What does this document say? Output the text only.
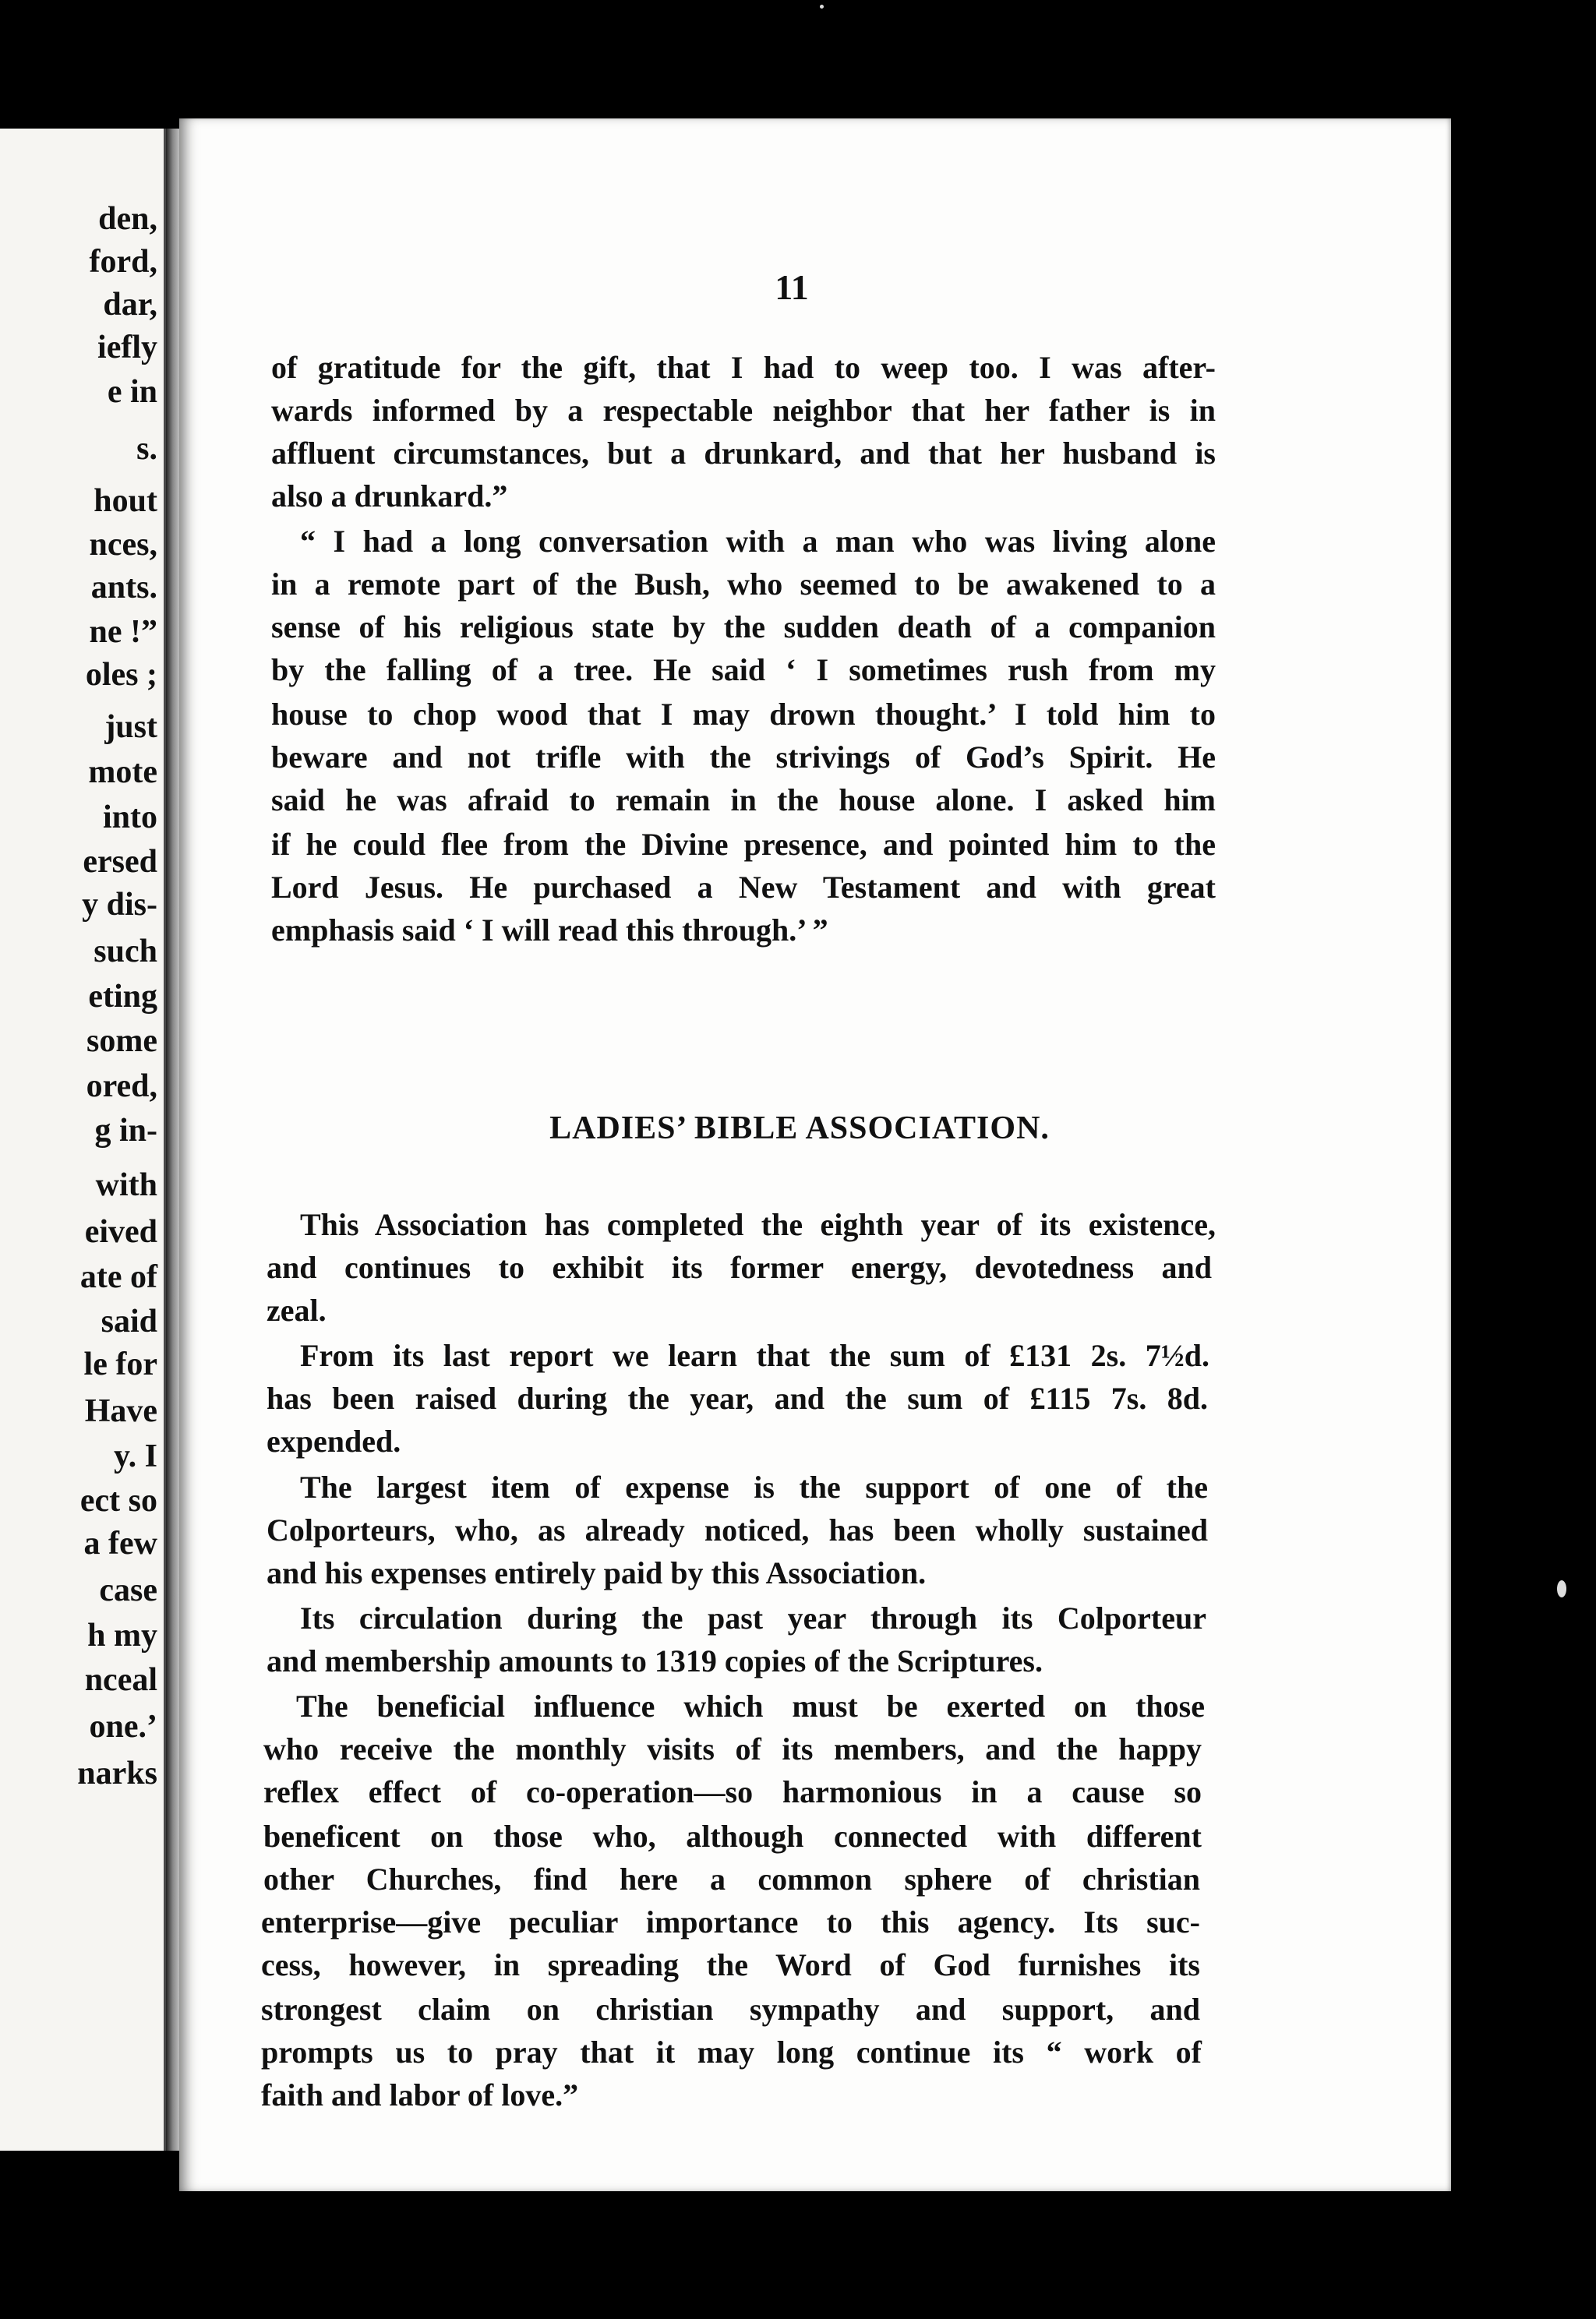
den,
ford,
dar,
iefly
e in
s.
hout
nces,
ants.
ne !”
oles ;
just
mote
into
ersed
y dis-
such
eting
some
ored,
g in-
with
eived
ate of
said
le for
Have
y. I
ect so
a few
case
h my
nceal
one.’
narks
11
of gratitude for the gift, that I had to weep too. I was after-
wards informed by a respectable neighbor that her father is in
affluent circumstances, but a drunkard, and that her husband is
also a drunkard.”
“ I had a long conversation with a man who was living alone
in a remote part of the Bush, who seemed to be awakened to a
sense of his religious state by the sudden death of a companion
by the falling of a tree. He said ‘ I sometimes rush from my
house to chop wood that I may drown thought.’ I told him to
beware and not trifle with the strivings of God’s Spirit. He
said he was afraid to remain in the house alone. I asked him
if he could flee from the Divine presence, and pointed him to the
Lord Jesus. He purchased a New Testament and with great
emphasis said ‘ I will read this through.’ ”
LADIES’ BIBLE ASSOCIATION.
This Association has completed the eighth year of its existence,
and continues to exhibit its former energy, devotedness and
zeal.
From its last report we learn that the sum of £131 2s. 7½d.
has been raised during the year, and the sum of £115 7s. 8d.
expended.
The largest item of expense is the support of one of the
Colporteurs, who, as already noticed, has been wholly sustained
and his expenses entirely paid by this Association.
Its circulation during the past year through its Colporteur
and membership amounts to 1319 copies of the Scriptures.
The beneficial influence which must be exerted on those
who receive the monthly visits of its members, and the happy
reflex effect of co-operation—so harmonious in a cause so
beneficent on those who, although connected with different
other Churches, find here a common sphere of christian
enterprise—give peculiar importance to this agency. Its suc-
cess, however, in spreading the Word of God furnishes its
strongest claim on christian sympathy and support, and
prompts us to pray that it may long continue its “ work of
faith and labor of love.”
